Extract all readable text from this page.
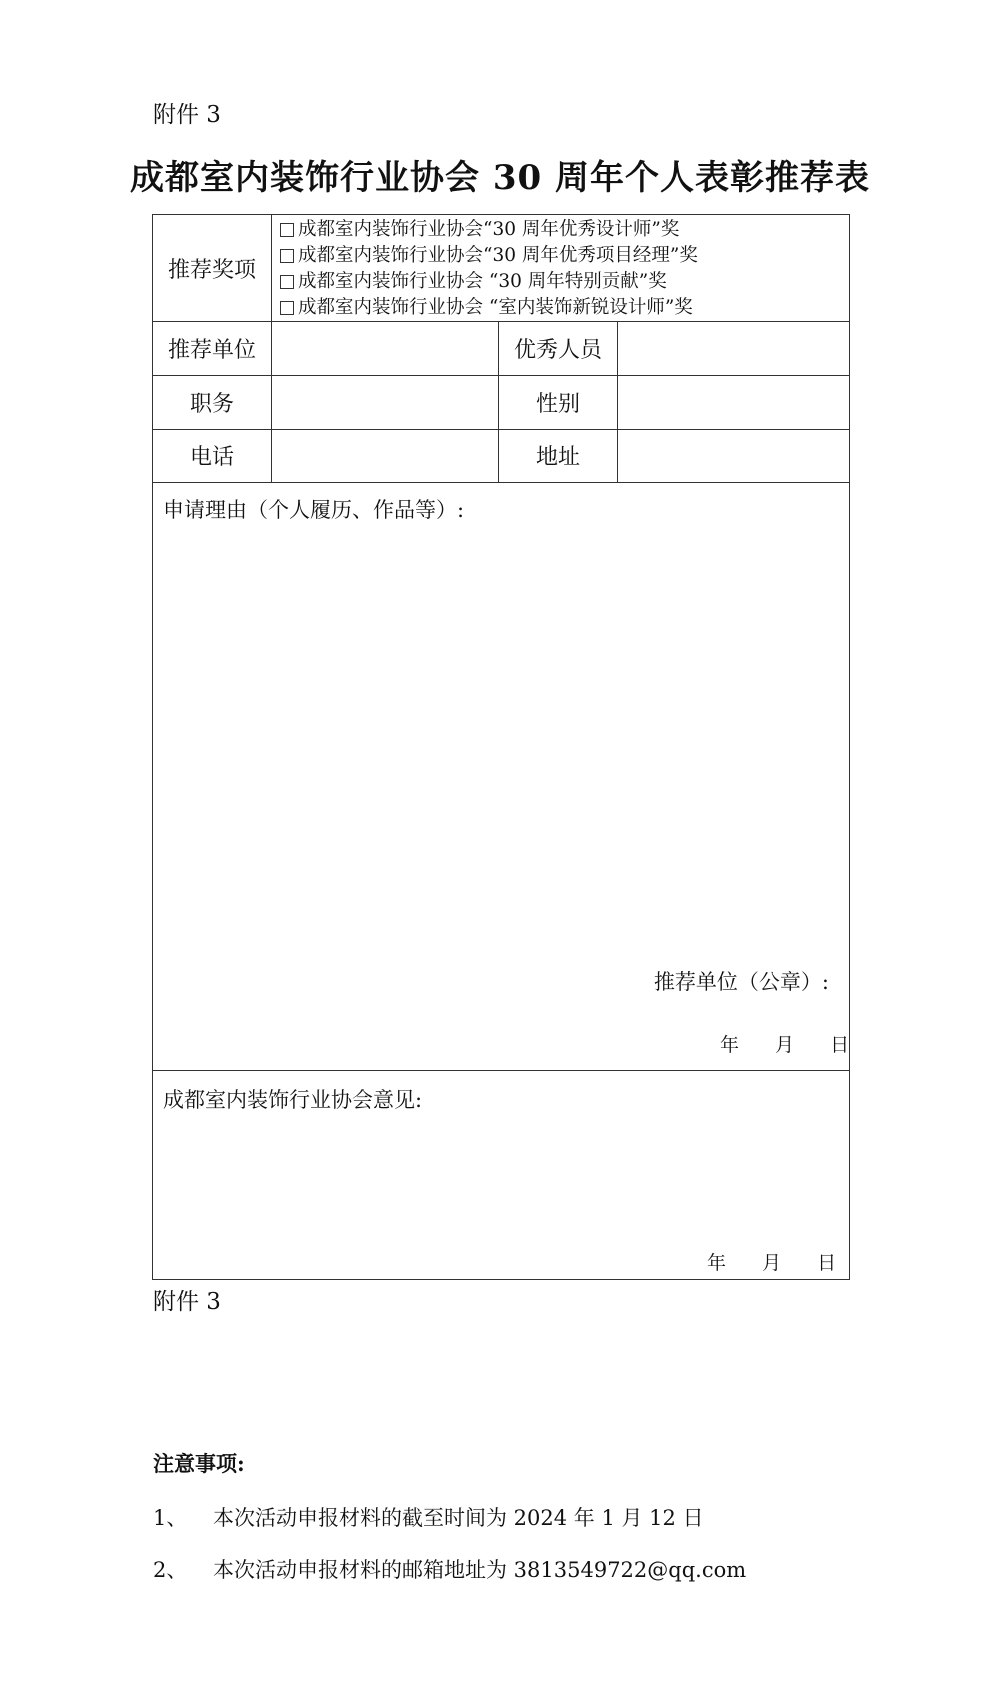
附件 3
成都室内装饰行业协会 30 周年个人表彰推荐表
推荐奖项
成都室内装饰行业协会“30 周年优秀设计师”奖
成都室内装饰行业协会“30 周年优秀项目经理”奖
成都室内装饰行业协会 “30 周年特别贡献”奖
成都室内装饰行业协会 “室内装饰新锐设计师”奖
推荐单位	优秀人员
职务	性别
电话	地址
申请理由（个人履历、作品等）:
推荐单位（公章）:
年 月 日
成都室内装饰行业协会意见:
年 月 日
附件 3
注意事项:
1、	本次活动申报材料的截至时间为 2024 年 1 月 12 日
2、	本次活动申报材料的邮箱地址为 3813549722@qq.com
